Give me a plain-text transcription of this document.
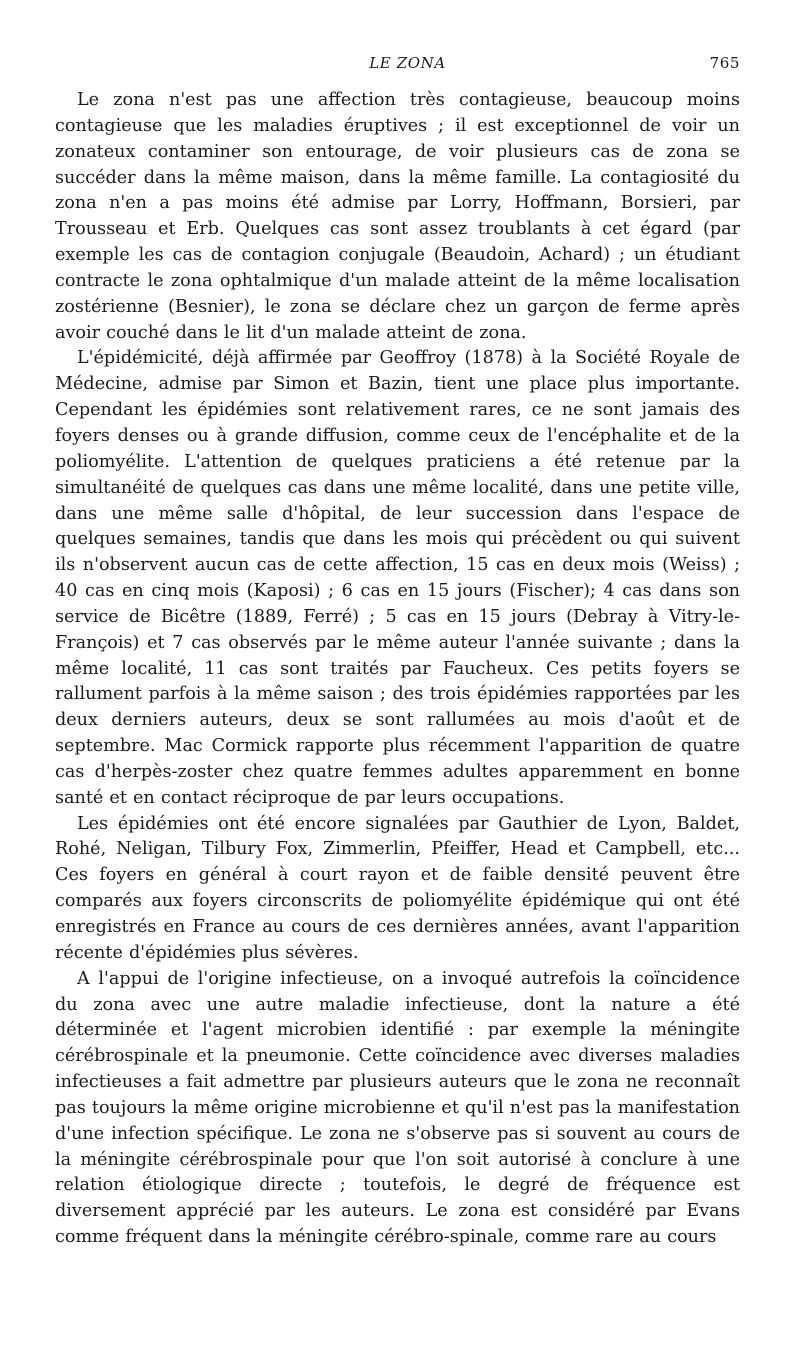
LE ZONA	765

Le zona n'est pas une affection très contagieuse, beaucoup moins contagieuse que les maladies éruptives ; il est exceptionnel de voir un zonateux contaminer son entourage, de voir plusieurs cas de zona se succéder dans la même maison, dans la même famille. La contagiosité du zona n'en a pas moins été admise par Lorry, Hoffmann, Borsieri, par Trousseau et Erb. Quelques cas sont assez troublants à cet égard (par exemple les cas de contagion conjugale (Beaudoin, Achard) ; un étudiant contracte le zona ophtalmique d'un malade atteint de la même localisation zostérienne (Besnier), le zona se déclare chez un garçon de ferme après avoir couché dans le lit d'un malade atteint de zona.

L'épidémicité, déjà affirmée par Geoffroy (1878) à la Société Royale de Médecine, admise par Simon et Bazin, tient une place plus importante. Cependant les épidémies sont relativement rares, ce ne sont jamais des foyers denses ou à grande diffusion, comme ceux de l'encéphalite et de la poliomyélite. L'attention de quelques praticiens a été retenue par la simultanéité de quelques cas dans une même localité, dans une petite ville, dans une même salle d'hôpital, de leur succession dans l'espace de quelques semaines, tandis que dans les mois qui précèdent ou qui suivent ils n'observent aucun cas de cette affection, 15 cas en deux mois (Weiss) ; 40 cas en cinq mois (Kaposi) ; 6 cas en 15 jours (Fischer); 4 cas dans son service de Bicêtre (1889, Ferré) ; 5 cas en 15 jours (Debray à Vitry-le-François) et 7 cas observés par le même auteur l'année suivante ; dans la même localité, 11 cas sont traités par Faucheux. Ces petits foyers se rallument parfois à la même saison ; des trois épidémies rapportées par les deux derniers auteurs, deux se sont rallumées au mois d'août et de septembre. Mac Cormick rapporte plus récemment l'apparition de quatre cas d'herpès-zoster chez quatre femmes adultes apparemment en bonne santé et en contact réciproque de par leurs occupations.

Les épidémies ont été encore signalées par Gauthier de Lyon, Baldet, Rohé, Neligan, Tilbury Fox, Zimmerlin, Pfeiffer, Head et Campbell, etc... Ces foyers en général à court rayon et de faible densité peuvent être comparés aux foyers circonscrits de poliomyélite épidémique qui ont été enregistrés en France au cours de ces dernières années, avant l'apparition récente d'épidémies plus sévères.

A l'appui de l'origine infectieuse, on a invoqué autrefois la coïncidence du zona avec une autre maladie infectieuse, dont la nature a été déterminée et l'agent microbien identifié : par exemple la méningite cérébrospinale et la pneumonie. Cette coïncidence avec diverses maladies infectieuses a fait admettre par plusieurs auteurs que le zona ne reconnaît pas toujours la même origine microbienne et qu'il n'est pas la manifestation d'une infection spécifique. Le zona ne s'observe pas si souvent au cours de la méningite cérébrospinale pour que l'on soit autorisé à conclure à une relation étiologique directe ; toutefois, le degré de fréquence est diversement apprécié par les auteurs. Le zona est considéré par Evans comme fréquent dans la méningite cérébro-spinale, comme rare au cours
